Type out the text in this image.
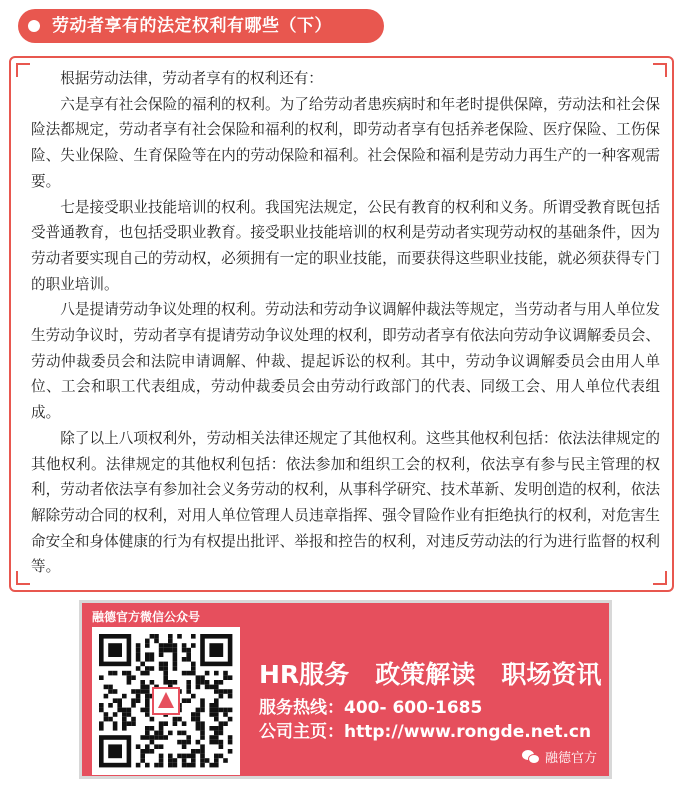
劳动者享有的法定权利有哪些（下）

根据劳动法律，劳动者享有的权利还有：

六是享有社会保险的福利的权利。为了给劳动者患疾病时和年老时提供保障，劳动法和社会保险法都规定，劳动者享有社会保险和福利的权利，即劳动者享有包括养老保险、医疗保险、工伤保险、失业保险、生育保险等在内的劳动保险和福利。社会保险和福利是劳动力再生产的一种客观需要。

七是接受职业技能培训的权利。我国宪法规定，公民有教育的权利和义务。所谓受教育既包括受普通教育，也包括受职业教育。接受职业技能培训的权利是劳动者实现劳动权的基础条件，因为劳动者要实现自己的劳动权，必须拥有一定的职业技能，而要获得这些职业技能，就必须获得专门的职业培训。

八是提请劳动争议处理的权利。劳动法和劳动争议调解仲裁法等规定，当劳动者与用人单位发生劳动争议时，劳动者享有提请劳动争议处理的权利，即劳动者享有依法向劳动争议调解委员会、劳动仲裁委员会和法院申请调解、仲裁、提起诉讼的权利。其中，劳动争议调解委员会由用人单位、工会和职工代表组成，劳动仲裁委员会由劳动行政部门的代表、同级工会、用人单位代表组成。

除了以上八项权利外，劳动相关法律还规定了其他权利。这些其他权利包括：依法法律规定的其他权利。法律规定的其他权利包括：依法参加和组织工会的权利，依法享有参与民主管理的权利，劳动者依法享有参加社会义务劳动的权利，从事科学研究、技术革新、发明创造的权利，依法解除劳动合同的权利，对用人单位管理人员违章指挥、强令冒险作业有拒绝执行的权利，对危害生命安全和身体健康的行为有权提出批评、举报和控告的权利，对违反劳动法的行为进行监督的权利等。

融德官方微信公众号
HR服务   政策解读   职场资讯
服务热线：400- 600-1685
公司主页：http://www.rongde.net.cn
融德官方
